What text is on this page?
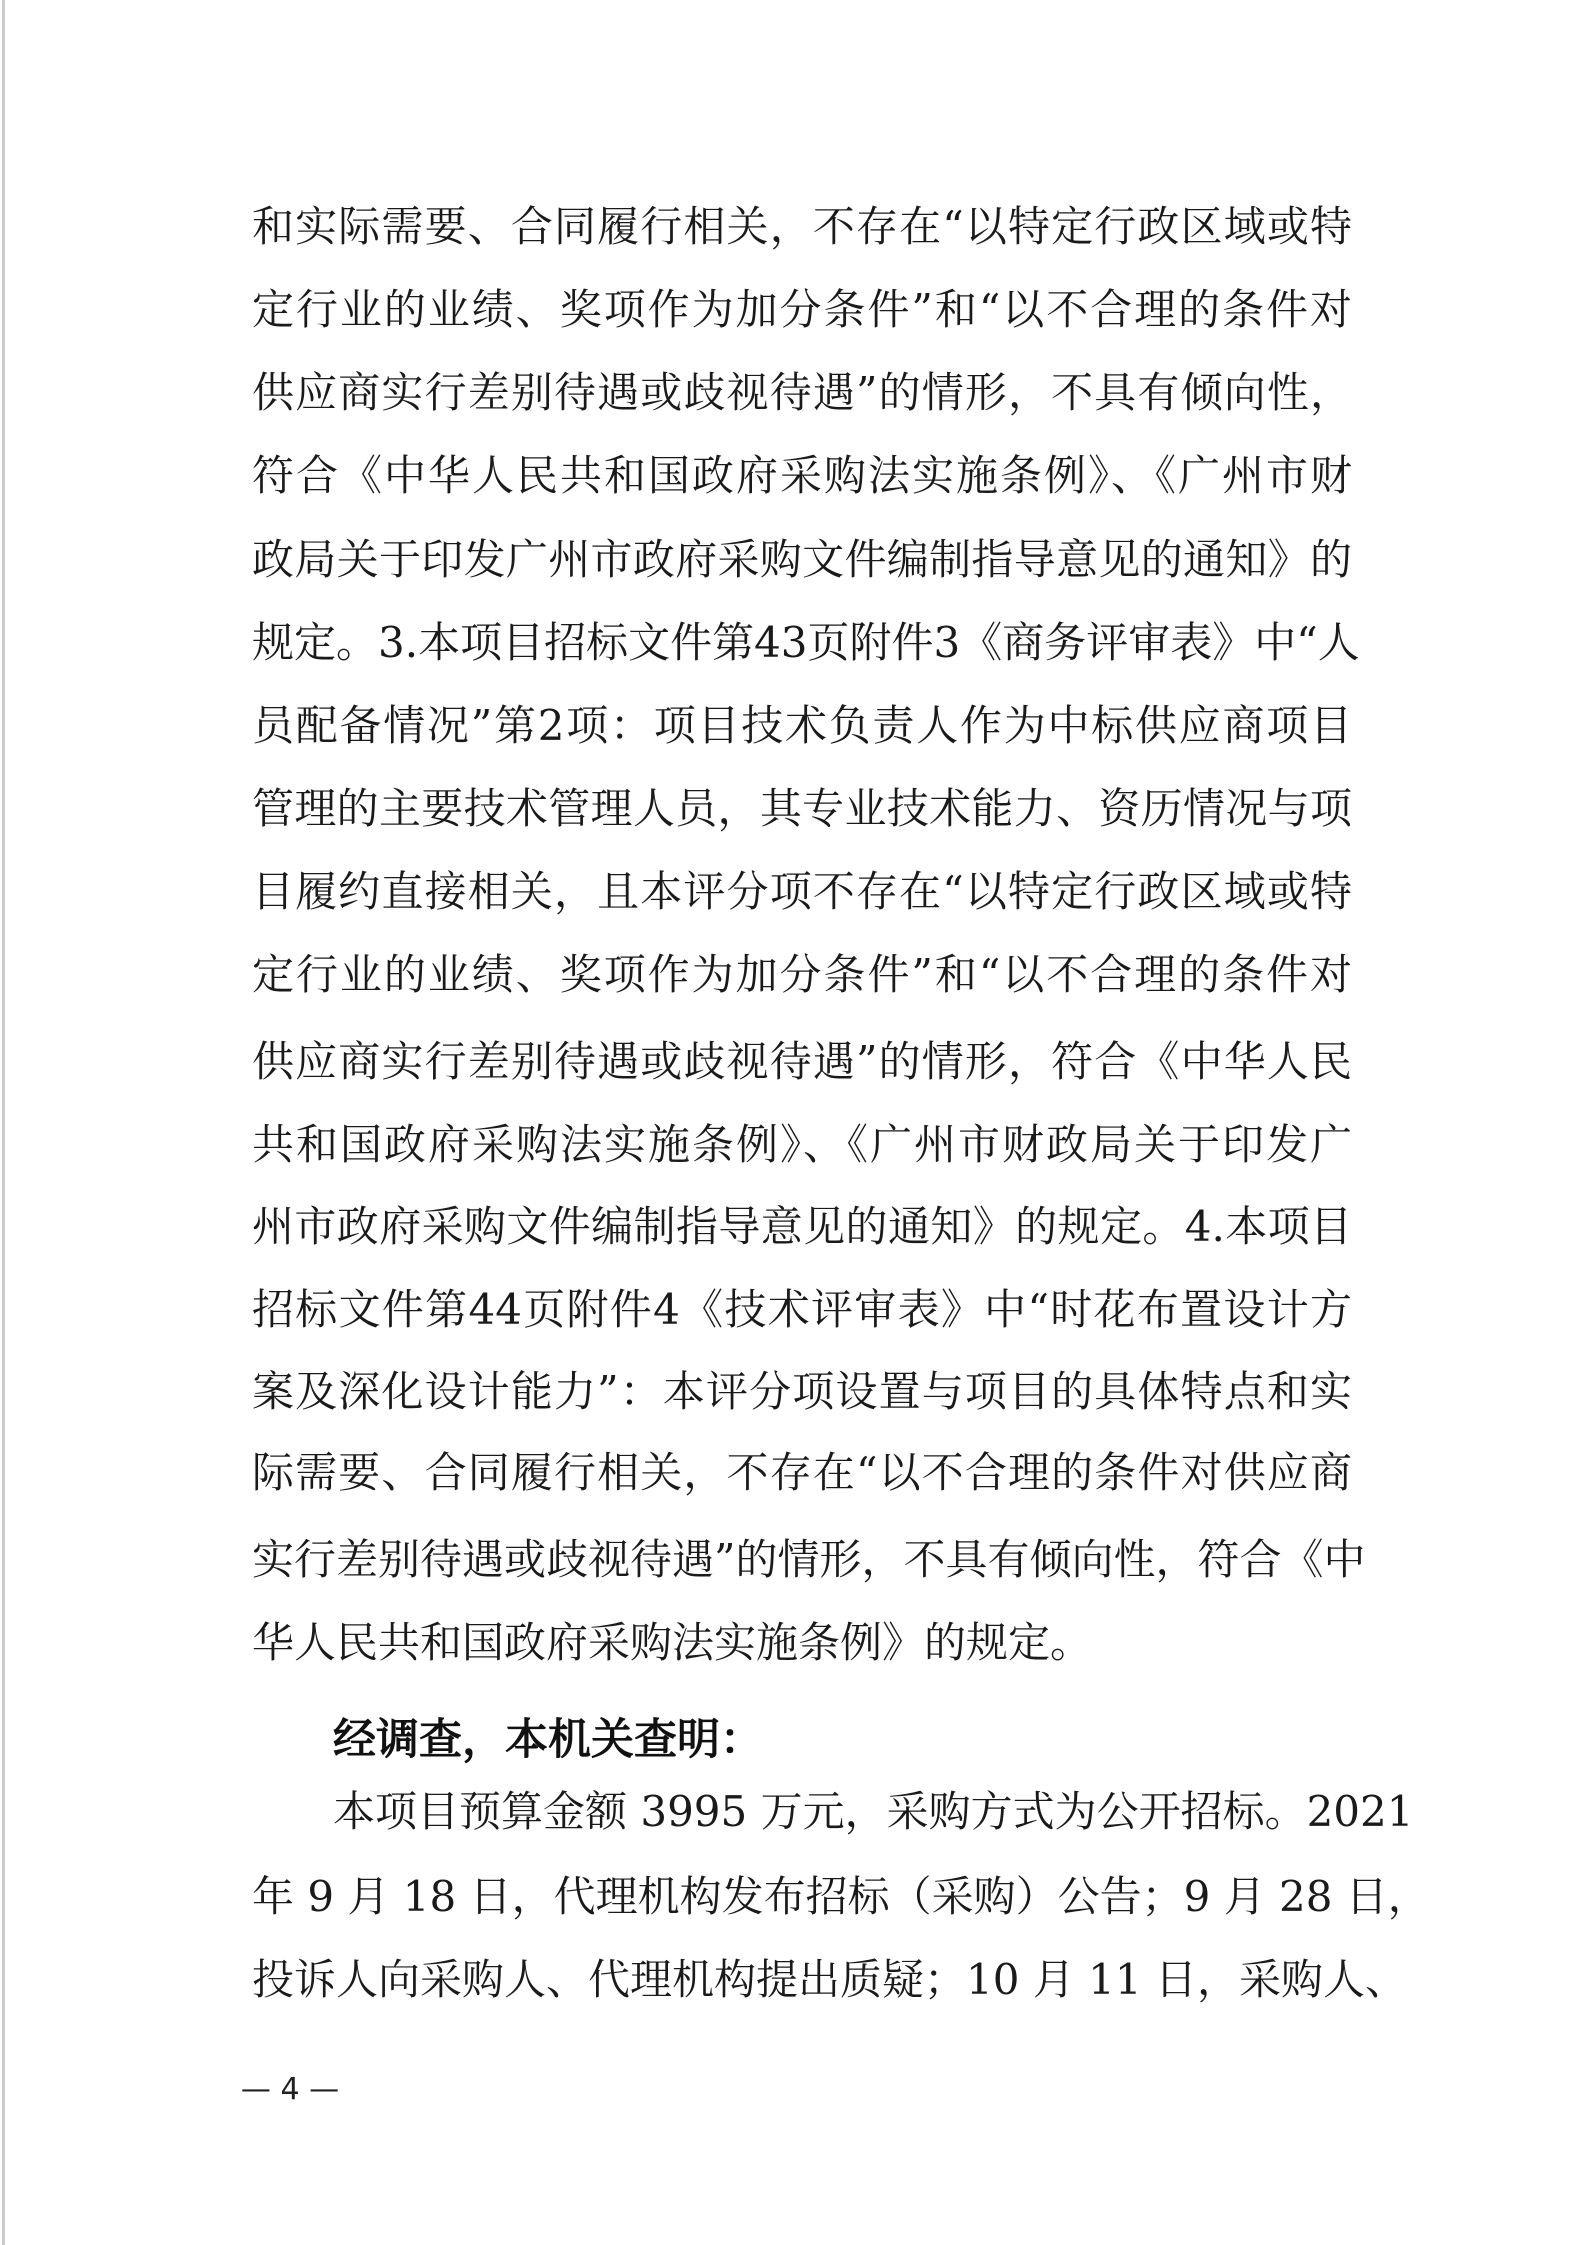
和实际需要、合同履行相关，不存在“以特定行政区域或特
定行业的业绩、奖项作为加分条件”和“以不合理的条件对
供应商实行差别待遇或歧视待遇”的情形，不具有倾向性，
符合《中华人民共和国政府采购法实施条例》、《广州市财
政局关于印发广州市政府采购文件编制指导意见的通知》的
规定。3.本项目招标文件第43页附件3《商务评审表》中“人
员配备情况”第2项：项目技术负责人作为中标供应商项目
管理的主要技术管理人员，其专业技术能力、资历情况与项
目履约直接相关，且本评分项不存在“以特定行政区域或特
定行业的业绩、奖项作为加分条件”和“以不合理的条件对
供应商实行差别待遇或歧视待遇”的情形，符合《中华人民
共和国政府采购法实施条例》、《广州市财政局关于印发广
州市政府采购文件编制指导意见的通知》的规定。4.本项目
招标文件第44页附件4《技术评审表》中“时花布置设计方
案及深化设计能力”：本评分项设置与项目的具体特点和实
际需要、合同履行相关，不存在“以不合理的条件对供应商
实行差别待遇或歧视待遇”的情形，不具有倾向性，符合《中
华人民共和国政府采购法实施条例》的规定。
经调查，本机关查明：
本项目预算金额 3995 万元，采购方式为公开招标。2021
年 9 月 18 日，代理机构发布招标（采购）公告；9 月 28 日，
投诉人向采购人、代理机构提出质疑；10 月 11 日，采购人、
— 4 —
